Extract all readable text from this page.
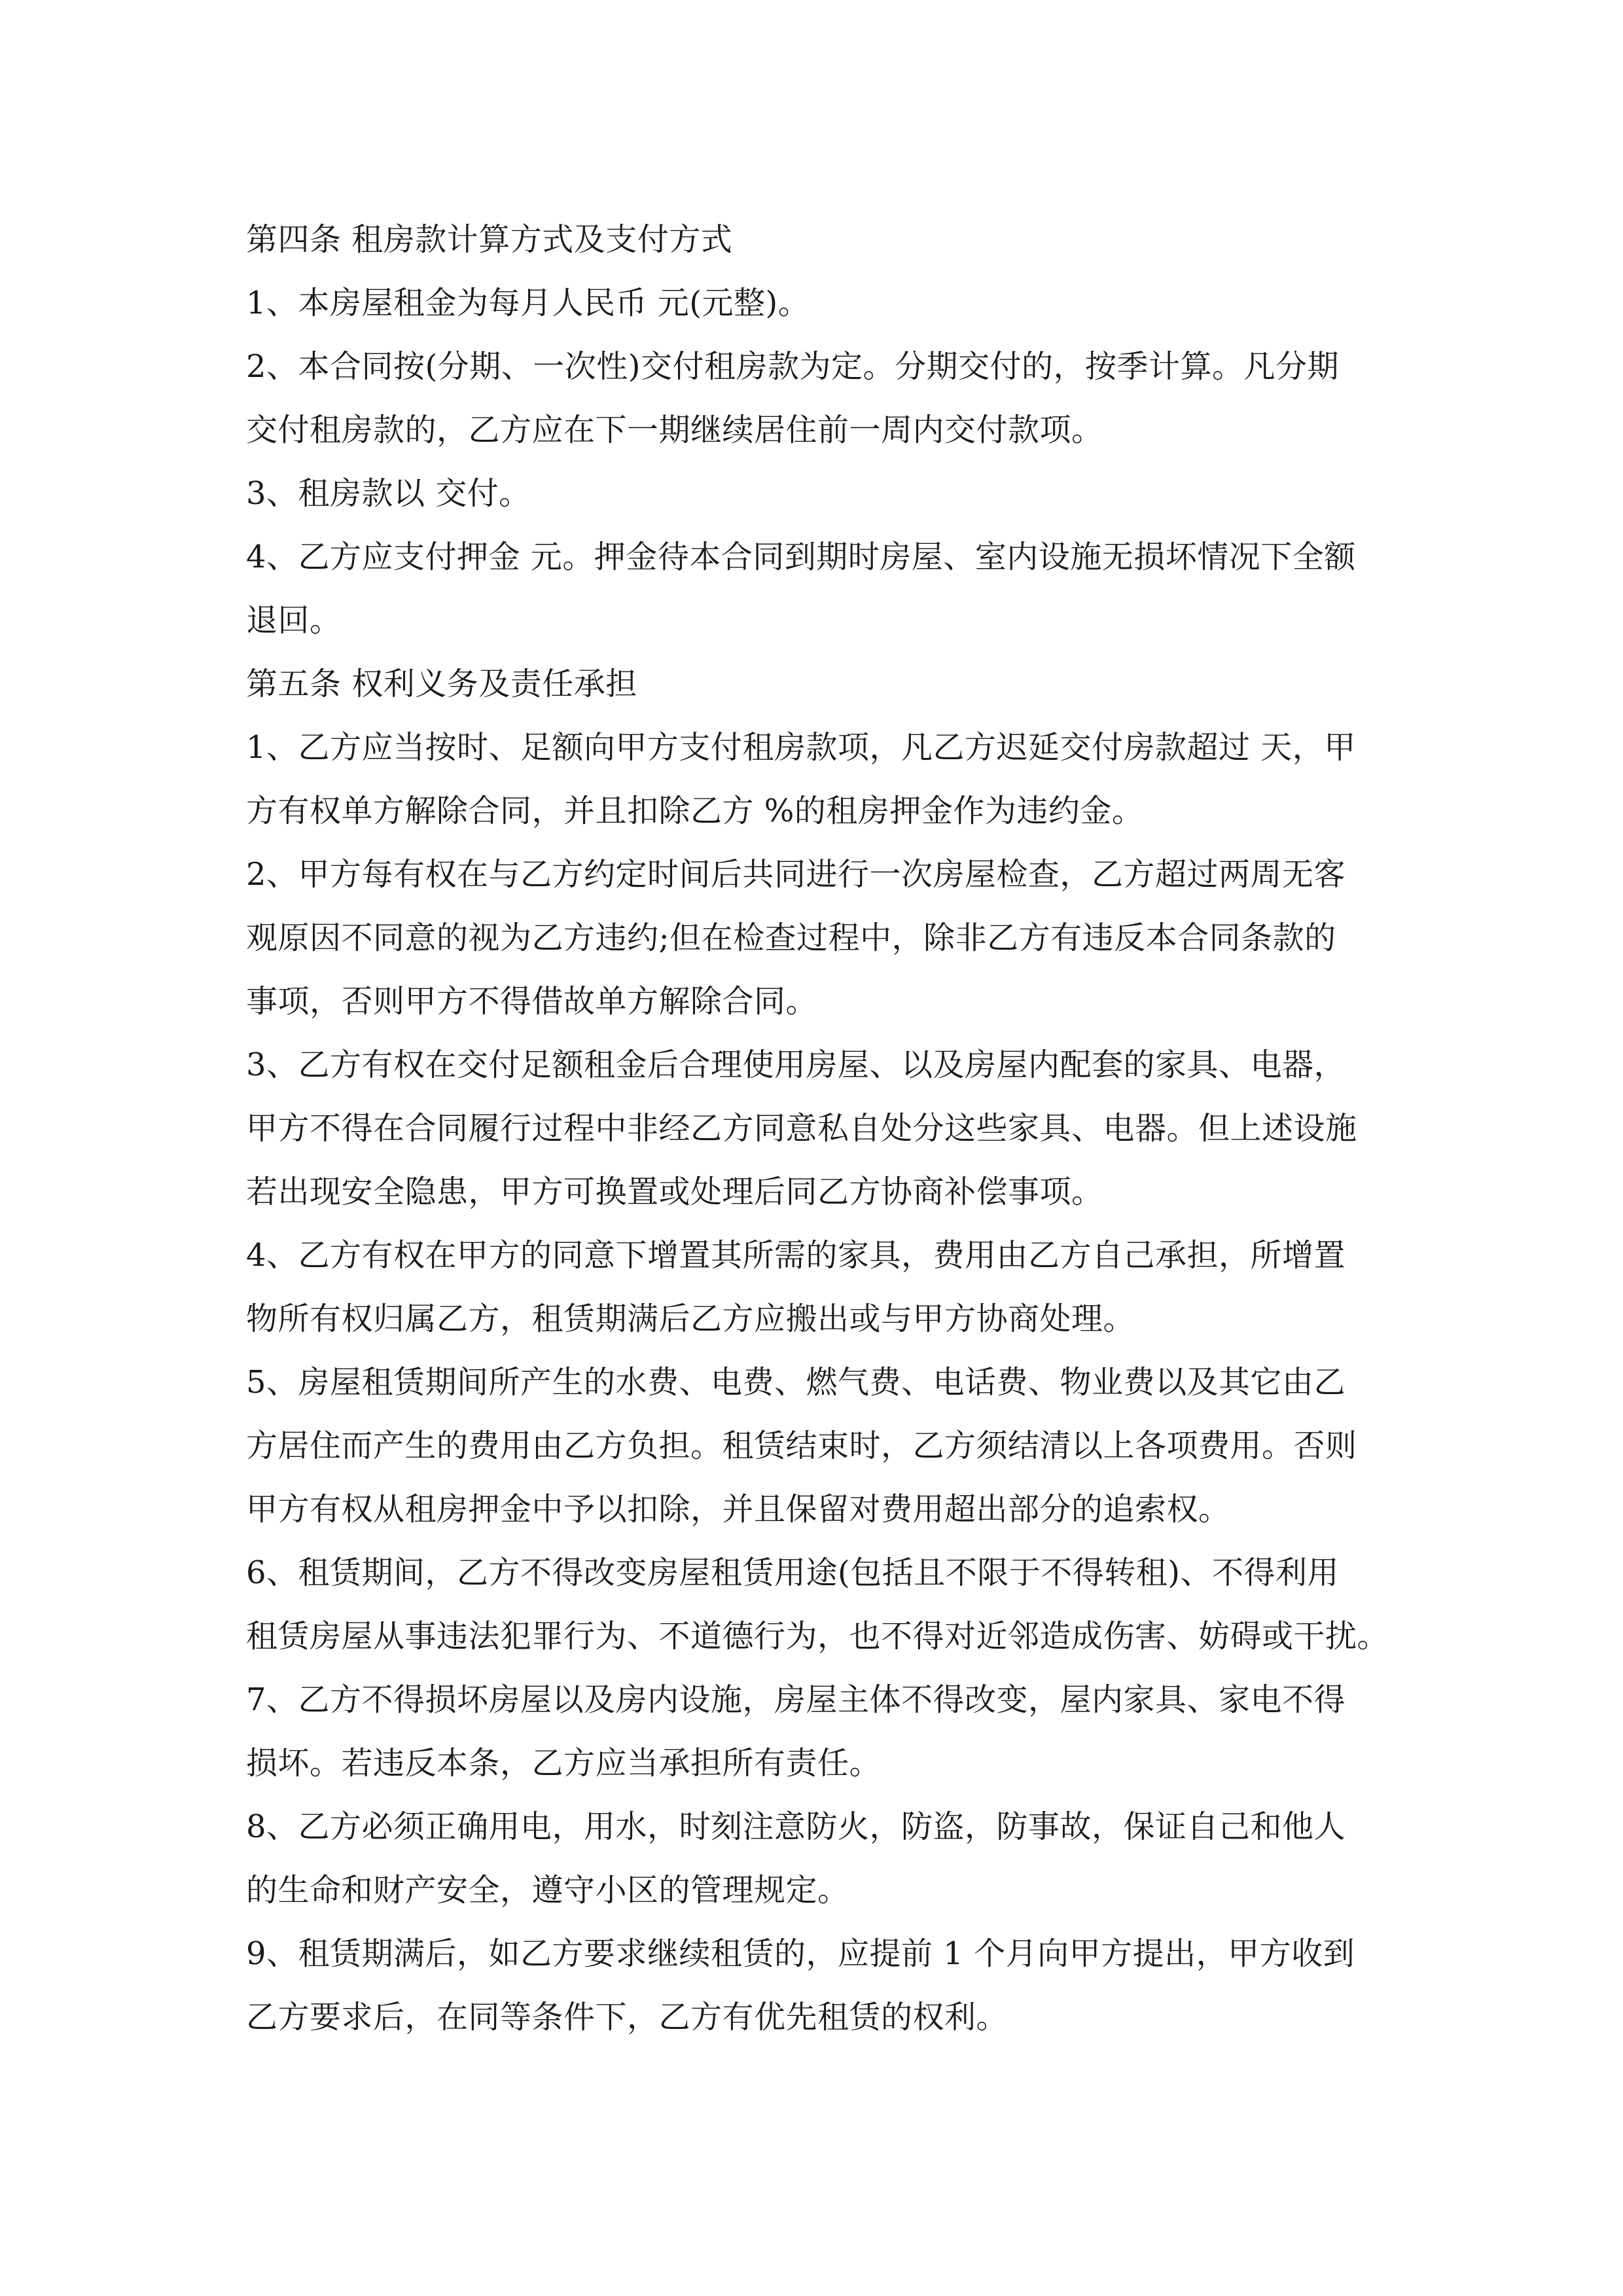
第四条 租房款计算方式及支付方式
1、本房屋租金为每月人民币 元(元整)。
2、本合同按(分期、一次性)交付租房款为定。分期交付的，按季计算。凡分期
交付租房款的，乙方应在下一期继续居住前一周内交付款项。
3、租房款以 交付。
4、乙方应支付押金 元。押金待本合同到期时房屋、室内设施无损坏情况下全额
退回。
第五条 权利义务及责任承担
1、乙方应当按时、足额向甲方支付租房款项，凡乙方迟延交付房款超过 天，甲
方有权单方解除合同，并且扣除乙方 %的租房押金作为违约金。
2、甲方每有权在与乙方约定时间后共同进行一次房屋检查，乙方超过两周无客
观原因不同意的视为乙方违约;但在检查过程中，除非乙方有违反本合同条款的
事项，否则甲方不得借故单方解除合同。
3、乙方有权在交付足额租金后合理使用房屋、以及房屋内配套的家具、电器，
甲方不得在合同履行过程中非经乙方同意私自处分这些家具、电器。但上述设施
若出现安全隐患，甲方可换置或处理后同乙方协商补偿事项。
4、乙方有权在甲方的同意下增置其所需的家具，费用由乙方自己承担，所增置
物所有权归属乙方，租赁期满后乙方应搬出或与甲方协商处理。
5、房屋租赁期间所产生的水费、电费、燃气费、电话费、物业费以及其它由乙
方居住而产生的费用由乙方负担。租赁结束时，乙方须结清以上各项费用。否则
甲方有权从租房押金中予以扣除，并且保留对费用超出部分的追索权。
6、租赁期间，乙方不得改变房屋租赁用途(包括且不限于不得转租)、不得利用
租赁房屋从事违法犯罪行为、不道德行为，也不得对近邻造成伤害、妨碍或干扰。
7、乙方不得损坏房屋以及房内设施，房屋主体不得改变，屋内家具、家电不得
损坏。若违反本条，乙方应当承担所有责任。
8、乙方必须正确用电，用水，时刻注意防火，防盗，防事故，保证自己和他人
的生命和财产安全，遵守小区的管理规定。
9、租赁期满后，如乙方要求继续租赁的，应提前 1 个月向甲方提出，甲方收到
乙方要求后，在同等条件下，乙方有优先租赁的权利。
